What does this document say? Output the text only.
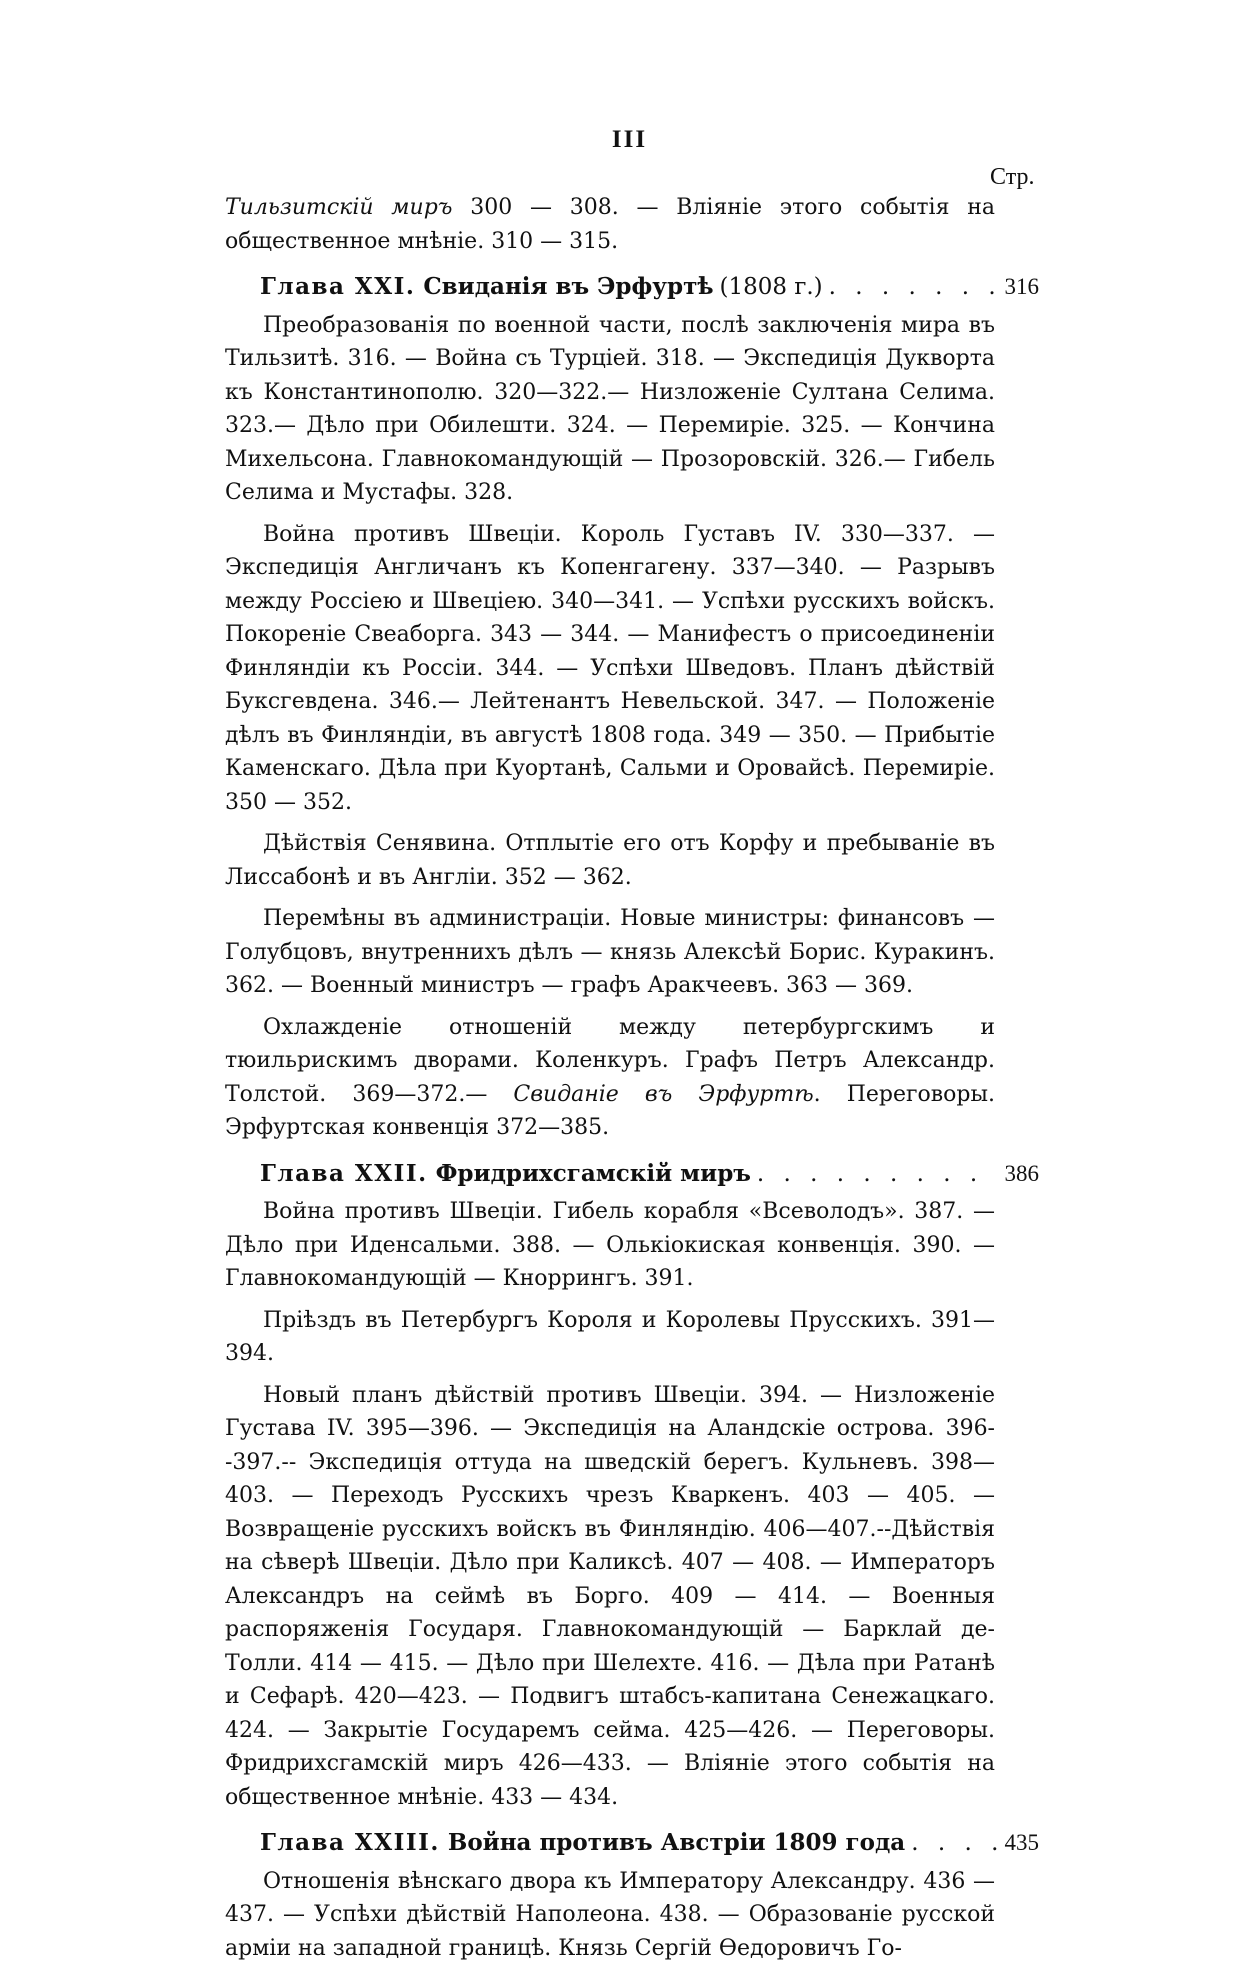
III
Стр.

Тильзитскій миръ 300 — 308. — Вліяніе этого событія на общественное мнѣніе. 310 — 315.

Глава XXI. Свиданія въ Эрфуртѣ (1808 г.) . . .	316

Преобразованія по военной части, послѣ заключенія мира въ Тильзитѣ. 316. — Война съ Турціей. 318. — Экспедиція Дукворта къ Константинополю. 320—322.— Низложеніе Султана Селима. 323.— Дѣло при Обилешти. 324. — Перемиріе. 325. — Кончина Михельсона. Главнокомандующій — Прозоровскій. 326.— Гибель Селима и Мустафы. 328.

Война противъ Швеціи. Король Густавъ IV. 330—337. — Экспедиція Англичанъ къ Копенгагену. 337—340. — Разрывъ между Россіею и Швеціею. 340—341. — Успѣхи русскихъ войскъ. Покореніе Свеаборга. 343 — 344. — Манифестъ о присоединеніи Финляндіи къ Россіи. 344. — Успѣхи Шведовъ. Планъ дѣйствій Буксгевдена. 346.— Лейтенантъ Невельской. 347. — Положеніе дѣлъ въ Финляндіи, въ августѣ 1808 года. 349 — 350. — Прибытіе Каменскаго. Дѣла при Куортанѣ, Сальми и Оровайсѣ. Перемиріе. 350 — 352.

Дѣйствія Сенявина. Отплытіе его отъ Корфу и пребываніе въ Лиссабонѣ и въ Англіи. 352 — 362.

Перемѣны въ администраціи. Новые министры: финансовъ — Голубцовъ, внутреннихъ дѣлъ — князь Алексѣй Борис. Куракинъ. 362. — Военный министръ — графъ Аракчеевъ. 363 — 369.

Охлажденіе отношеній между петербургскимъ и тюильрискимъ дворами. Коленкуръ. Графъ Петръ Александр. Толстой. 369—372.— Свиданіе въ Эрфуртѣ. Переговоры. Эрфуртская конвенція 372—385.

Глава XXII. Фридрихсгамскій миръ . . .	386

Война противъ Швеціи. Гибель корабля «Всеволодъ». 387. — Дѣло при Иденсальми. 388. — Олькіокиская конвенція. 390. — Главнокомандующій — Кноррингъ. 391.

Пріѣздъ въ Петербургъ Короля и Королевы Прусскихъ. 391—394.

Новый планъ дѣйствій противъ Швеціи. 394. — Низложеніе Густава IV. 395—396. — Экспедиція на Аландскіе острова. 396--397.-- Экспедиція оттуда на шведскій берегъ. Кульневъ. 398—403. — Переходъ Русскихъ чрезъ Кваркенъ. 403 — 405. — Возвращеніе русскихъ войскъ въ Финляндію. 406—407.--Дѣйствія на сѣверѣ Швеціи. Дѣло при Каликсѣ. 407 — 408. — Императоръ Александръ на сеймѣ въ Борго. 409 — 414. — Военныя распоряженія Государя. Главнокомандующій — Барклай де-Толли. 414 — 415. — Дѣло при Шелехте. 416. — Дѣла при Ратанѣ и Сефарѣ. 420—423. — Подвигъ штабсъ-капитана Сенежацкаго. 424. — Закрытіе Государемъ сейма. 425—426. — Переговоры. Фридрихсгамскій миръ 426—433. — Вліяніе этого событія на общественное мнѣніе. 433 — 434.

Глава XXIII. Война противъ Австріи 1809 года . . .	435

Отношенія вѣнскаго двора къ Императору Александру. 436 — 437. — Успѣхи дѣйствій Наполеона. 438. — Образованіе русской арміи на западной границѣ. Князь Сергій Ѳедоровичъ Го-
